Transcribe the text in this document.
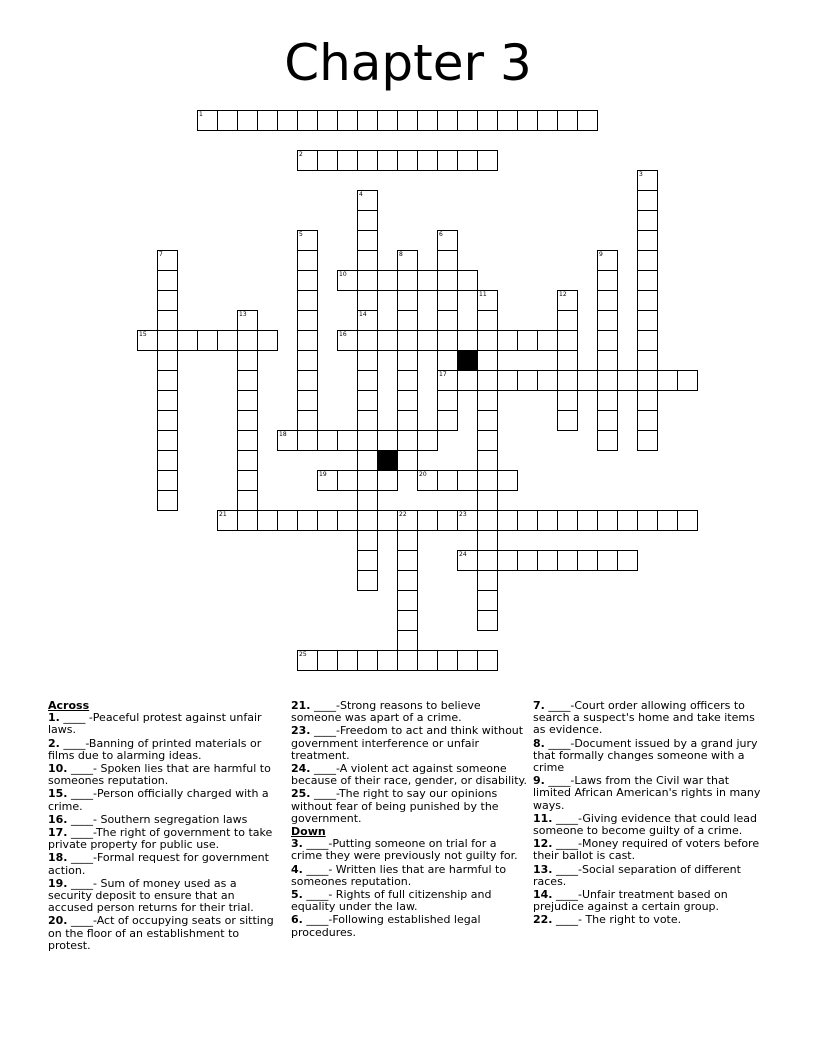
Chapter 3
1
2
3
4
14
5	6
17
7	8	9
10
11	12
13
15	16
18
19	20
21	22	23
24
25
Across
1. ____ -Peaceful protest against unfair laws.
2. ____-Banning of printed materials or films due to alarming ideas.
10. ____- Spoken lies that are harmful to someones reputation.
15. ____-Person officially charged with a crime.
16. ____- Southern segregation laws
17. ____-The right of government to take private property for public use.
18. ____-Formal request for government action.
19. ____- Sum of money used as a security deposit to ensure that an accused person returns for their trial.
20. ____-Act of occupying seats or sitting on the floor of an establishment to protest.
21. ____-Strong reasons to believe someone was apart of a crime.
23. ____-Freedom to act and think without government interference or unfair treatment.
24. ____-A violent act against someone because of their race, gender, or disability.
25. ____-The right to say our opinions without fear of being punished by the government.
Down
3. ____-Putting someone on trial for a crime they were previously not guilty for.
4. ____- Written lies that are harmful to someones reputation.
5. ____- Rights of full citizenship and equality under the law.
6. ____-Following established legal procedures.
7. ____-Court order allowing officers to search a suspect's home and take items as evidence.
8. ____-Document issued by a grand jury that formally changes someone with a crime
9. ____-Laws from the Civil war that limited African American's rights in many ways.
11. ____-Giving evidence that could lead someone to become guilty of a crime.
12. ____-Money required of voters before their ballot is cast.
13. ____-Social separation of different races.
14. ____-Unfair treatment based on prejudice against a certain group.
22. ____- The right to vote.
